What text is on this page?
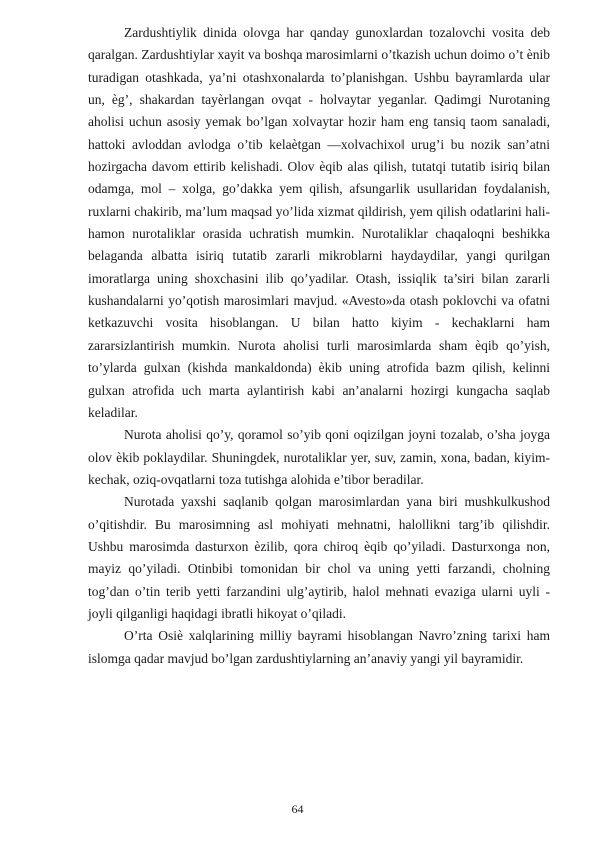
Zardushtiylik dinida olovga har qanday gunoxlardan tozalovchi vosita deb qaralgan. Zardushtiylar xayit va boshqa marosimlarni o’tkazish uchun doimo o’t ѐnib turadigan otashkada, ya’ni otashxonalarda to’planishgan. Ushbu bayramlarda ular un, ѐg’, shakardan tayѐrlangan ovqat - holvaytar yeganlar. Qadimgi Nurotaning aholisi uchun asosiy yemak bo’lgan xolvaytar hozir ham eng tansiq taom sanaladi, hattoki avloddan avlodga o’tib kelaѐtgan ―xolvachixo‖ urug’i bu nozik san’atni hozirgacha davom ettirib kelishadi. Olov ѐqib alas qilish, tutatqi tutatib isiriq bilan odamga, mol – xolga, go’dakka yem qilish, afsungarlik usullaridan foydalanish, ruxlarni chakirib, ma’lum maqsad yo’lida xizmat qildirish, yem qilish odatlarini hali-hamon nurotaliklar orasida uchratish mumkin. Nurotaliklar chaqaloqni beshikka belaganda albatta isiriq tutatib zararli mikroblarni haydaydilar, yangi qurilgan imoratlarga uning shoxchasini ilib qo’yadilar. Otash, issiqlik ta’siri bilan zararli kushandalarni yo’qotish marosimlari mavjud. «Avesto»da otash poklovchi va ofatni ketkazuvchi vosita hisoblangan. U bilan hatto kiyim - kechaklarni ham zararsizlantirish mumkin. Nurota aholisi turli marosimlarda sham ѐqib qo’yish, to’ylarda gulxan (kishda mankaldonda) ѐkib uning atrofida bazm qilish, kelinni gulxan atrofida uch marta aylantirish kabi an’analarni hozirgi kungacha saqlab keladilar.

Nurota aholisi qo’y, qoramol so’yib qoni oqizilgan joyni tozalab, o’sha joyga olov ѐkib poklaydilar. Shuningdek, nurotaliklar yer, suv, zamin, xona, badan, kiyim-kechak, oziq-ovqatlarni toza tutishga alohida e’tibor beradilar.

Nurotada yaxshi saqlanib qolgan marosimlardan yana biri mushkulkushod o’qitishdir. Bu marosimning asl mohiyati mehnatni, halollikni targ’ib qilishdir. Ushbu marosimda dasturxon ѐzilib, qora chiroq ѐqib qo’yiladi. Dasturxonga non, mayiz qo’yiladi. Otinbibi tomonidan bir chol va uning yetti farzandi, cholning tog’dan o’tin terib yetti farzandini ulg’aytirib, halol mehnati evaziga ularni uyli - joyli qilganligi haqidagi ibratli hikoyat o’qiladi.

O’rta Osiѐ xalqlarining milliy bayrami hisoblangan Navro’zning tarixi ham islomga qadar mavjud bo’lgan zardushtiylarning an’anaviy yangi yil bayramidir.

64
